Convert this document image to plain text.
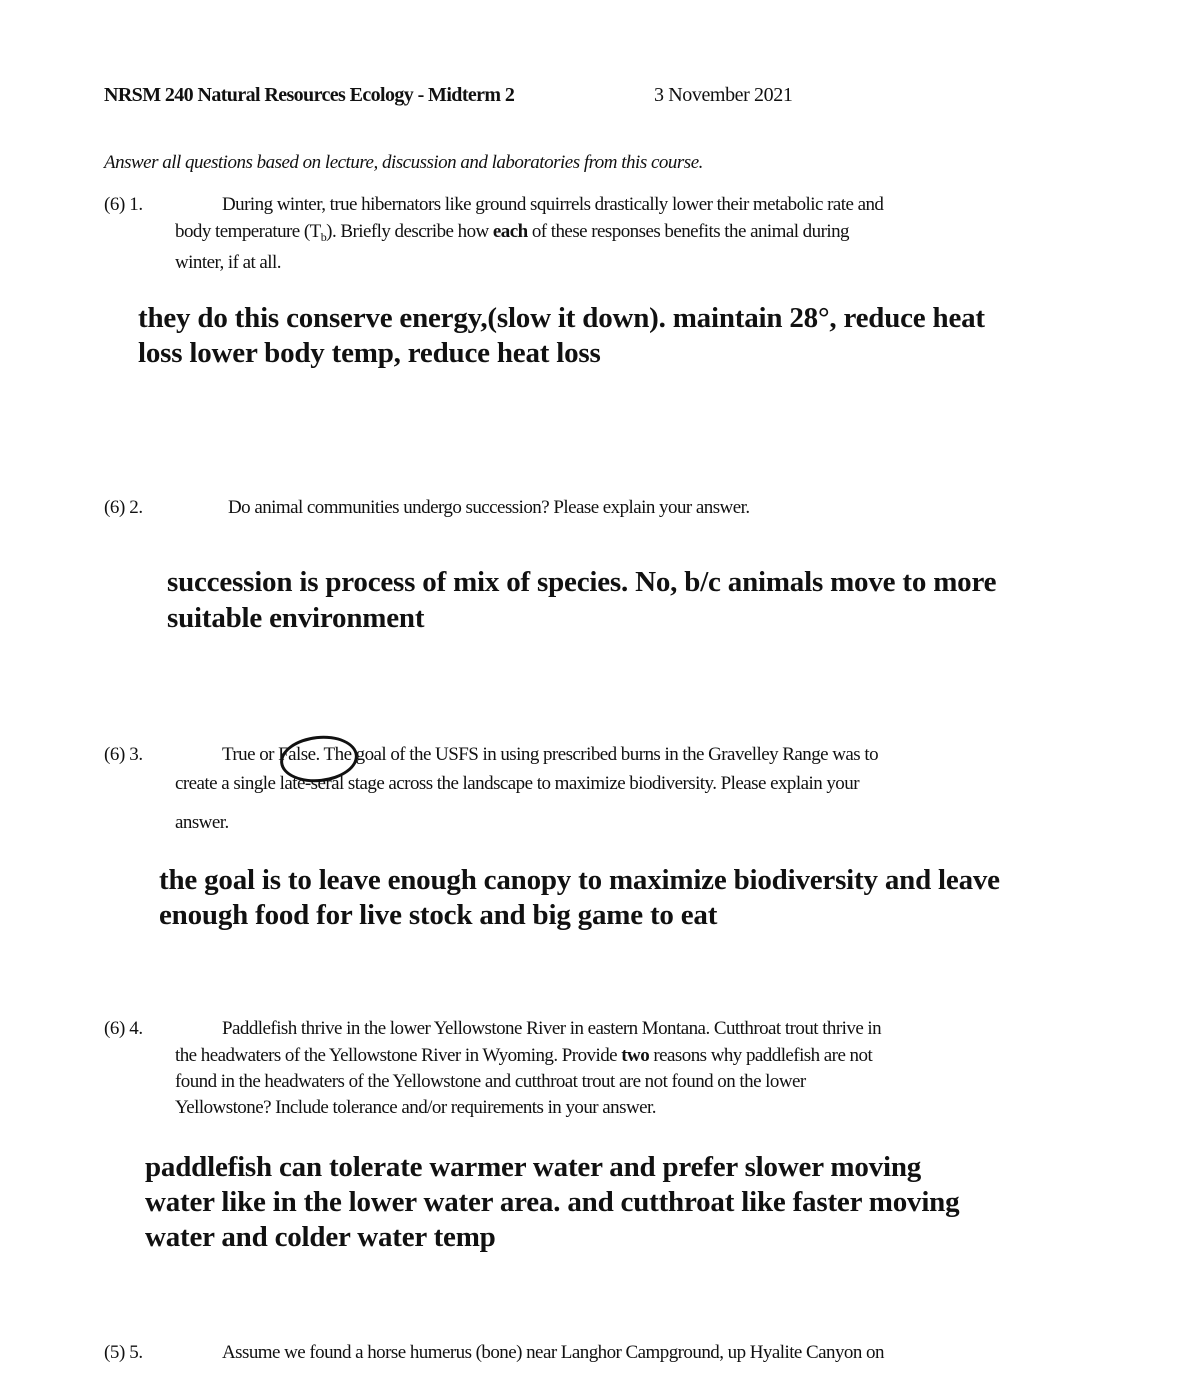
NRSM 240 Natural Resources Ecology - Midterm 2	3 November 2021
Answer all questions based on lecture, discussion and laboratories from this course.
(6) 1.	During winter, true hibernators like ground squirrels drastically lower their metabolic rate and
body temperature $(T_b)$. Briefly describe how each of these responses benefits the animal during
winter, if at all.
they do this conserve energy,(slow it down). maintain 28°, reduce heat
loss lower body temp, reduce heat loss
(6) 2.	Do animal communities undergo succession? Please explain your answer.
succession is process of mix of species. No, b/c animals move to more
suitable environment
(6) 3.	True or False. The goal of the USFS in using prescribed burns in the Gravelley Range was to
create a single late-seral stage across the landscape to maximize biodiversity. Please explain your
answer.
the goal is to leave enough canopy to maximize biodiversity and leave
enough food for live stock and big game to eat
(6) 4.	Paddlefish thrive in the lower Yellowstone River in eastern Montana. Cutthroat trout thrive in
the headwaters of the Yellowstone River in Wyoming. Provide two reasons why paddlefish are not
found in the headwaters of the Yellowstone and cutthroat trout are not found on the lower
Yellowstone? Include tolerance and/or requirements in your answer.
paddlefish can tolerate warmer water and prefer slower moving
water like in the lower water area. and cutthroat like faster moving
water and colder water temp
(5) 5.	Assume we found a horse humerus (bone) near Langhor Campground, up Hyalite Canyon on
